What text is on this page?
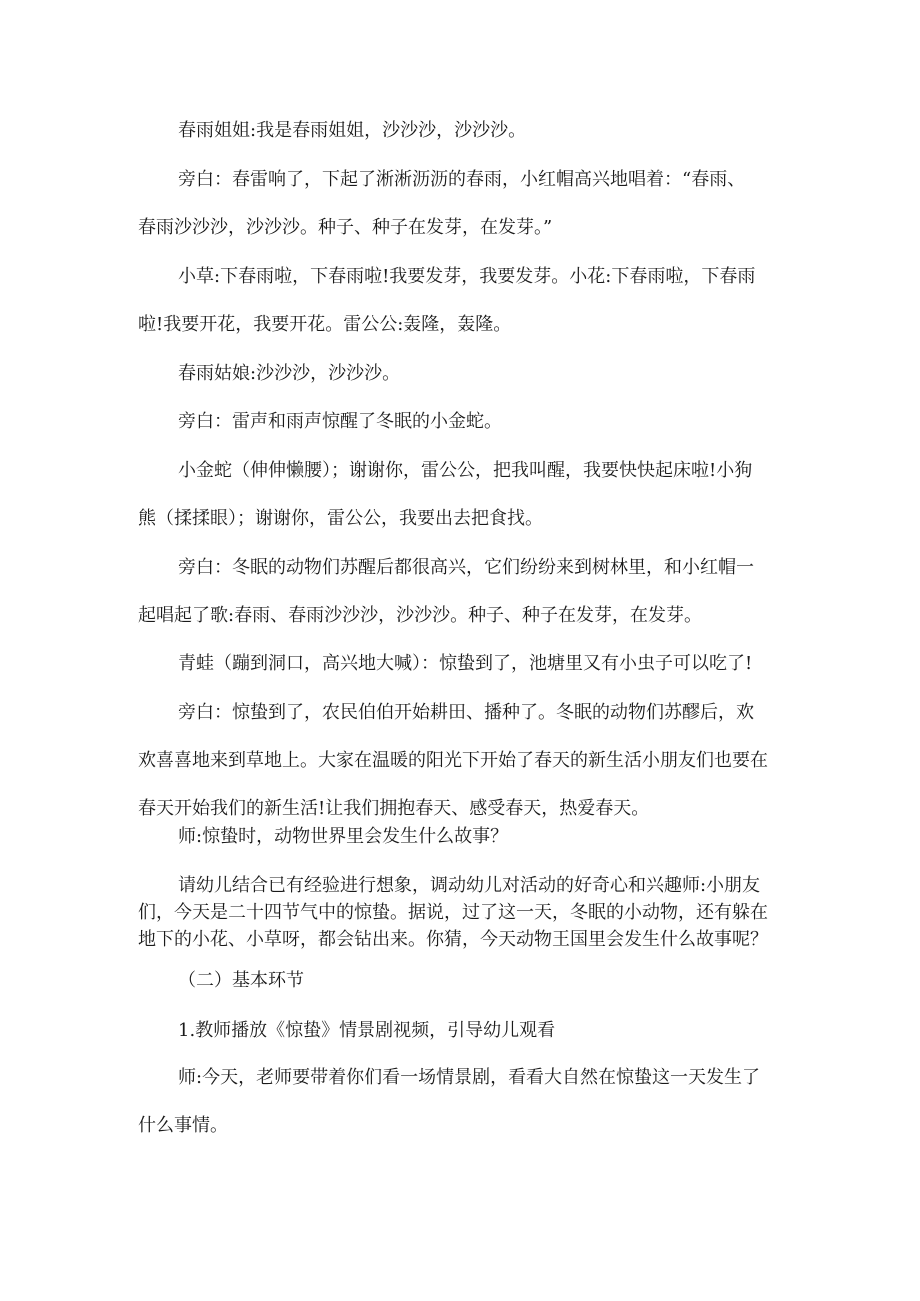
春雨姐姐:我是春雨姐姐，沙沙沙，沙沙沙。
旁白：春雷响了，下起了淅淅沥沥的春雨，小红帽高兴地唱着：“春雨、
春雨沙沙沙，沙沙沙。种子、种子在发芽，在发芽。”
小草:下春雨啦，下春雨啦!我要发芽，我要发芽。小花:下春雨啦，下春雨
啦!我要开花，我要开花。雷公公:轰隆，轰隆。
春雨姑娘:沙沙沙，沙沙沙。
旁白：雷声和雨声惊醒了冬眠的小金蛇。
小金蛇（伸伸懒腰）；谢谢你，雷公公，把我叫醒，我要快快起床啦!小狗
熊（揉揉眼）；谢谢你，雷公公，我要出去把食找。
旁白：冬眠的动物们苏醒后都很高兴，它们纷纷来到树林里，和小红帽一
起唱起了歌:春雨、春雨沙沙沙，沙沙沙。种子、种子在发芽，在发芽。
青蛙（蹦到洞口，高兴地大喊）：惊蛰到了，池塘里又有小虫子可以吃了!
旁白：惊蛰到了，农民伯伯开始耕田、播种了。冬眠的动物们苏醪后，欢
欢喜喜地来到草地上。大家在温暖的阳光下开始了春天的新生活小朋友们也要在
春天开始我们的新生活!让我们拥抱春天、感受春天，热爱春天。
师:惊蛰时，动物世界里会发生什么故事？
请幼儿结合已有经验进行想象，调动幼儿对活动的好奇心和兴趣师:小朋友
们，今天是二十四节气中的惊蛰。据说，过了这一天，冬眠的小动物，还有躲在
地下的小花、小草呀，都会钻出来。你猜，今天动物王国里会发生什么故事呢？
（二）基本环节
1.教师播放《惊蛰》情景剧视频，引导幼儿观看
师:今天，老师要带着你们看一场情景剧，看看大自然在惊蛰这一天发生了
什么事情。
